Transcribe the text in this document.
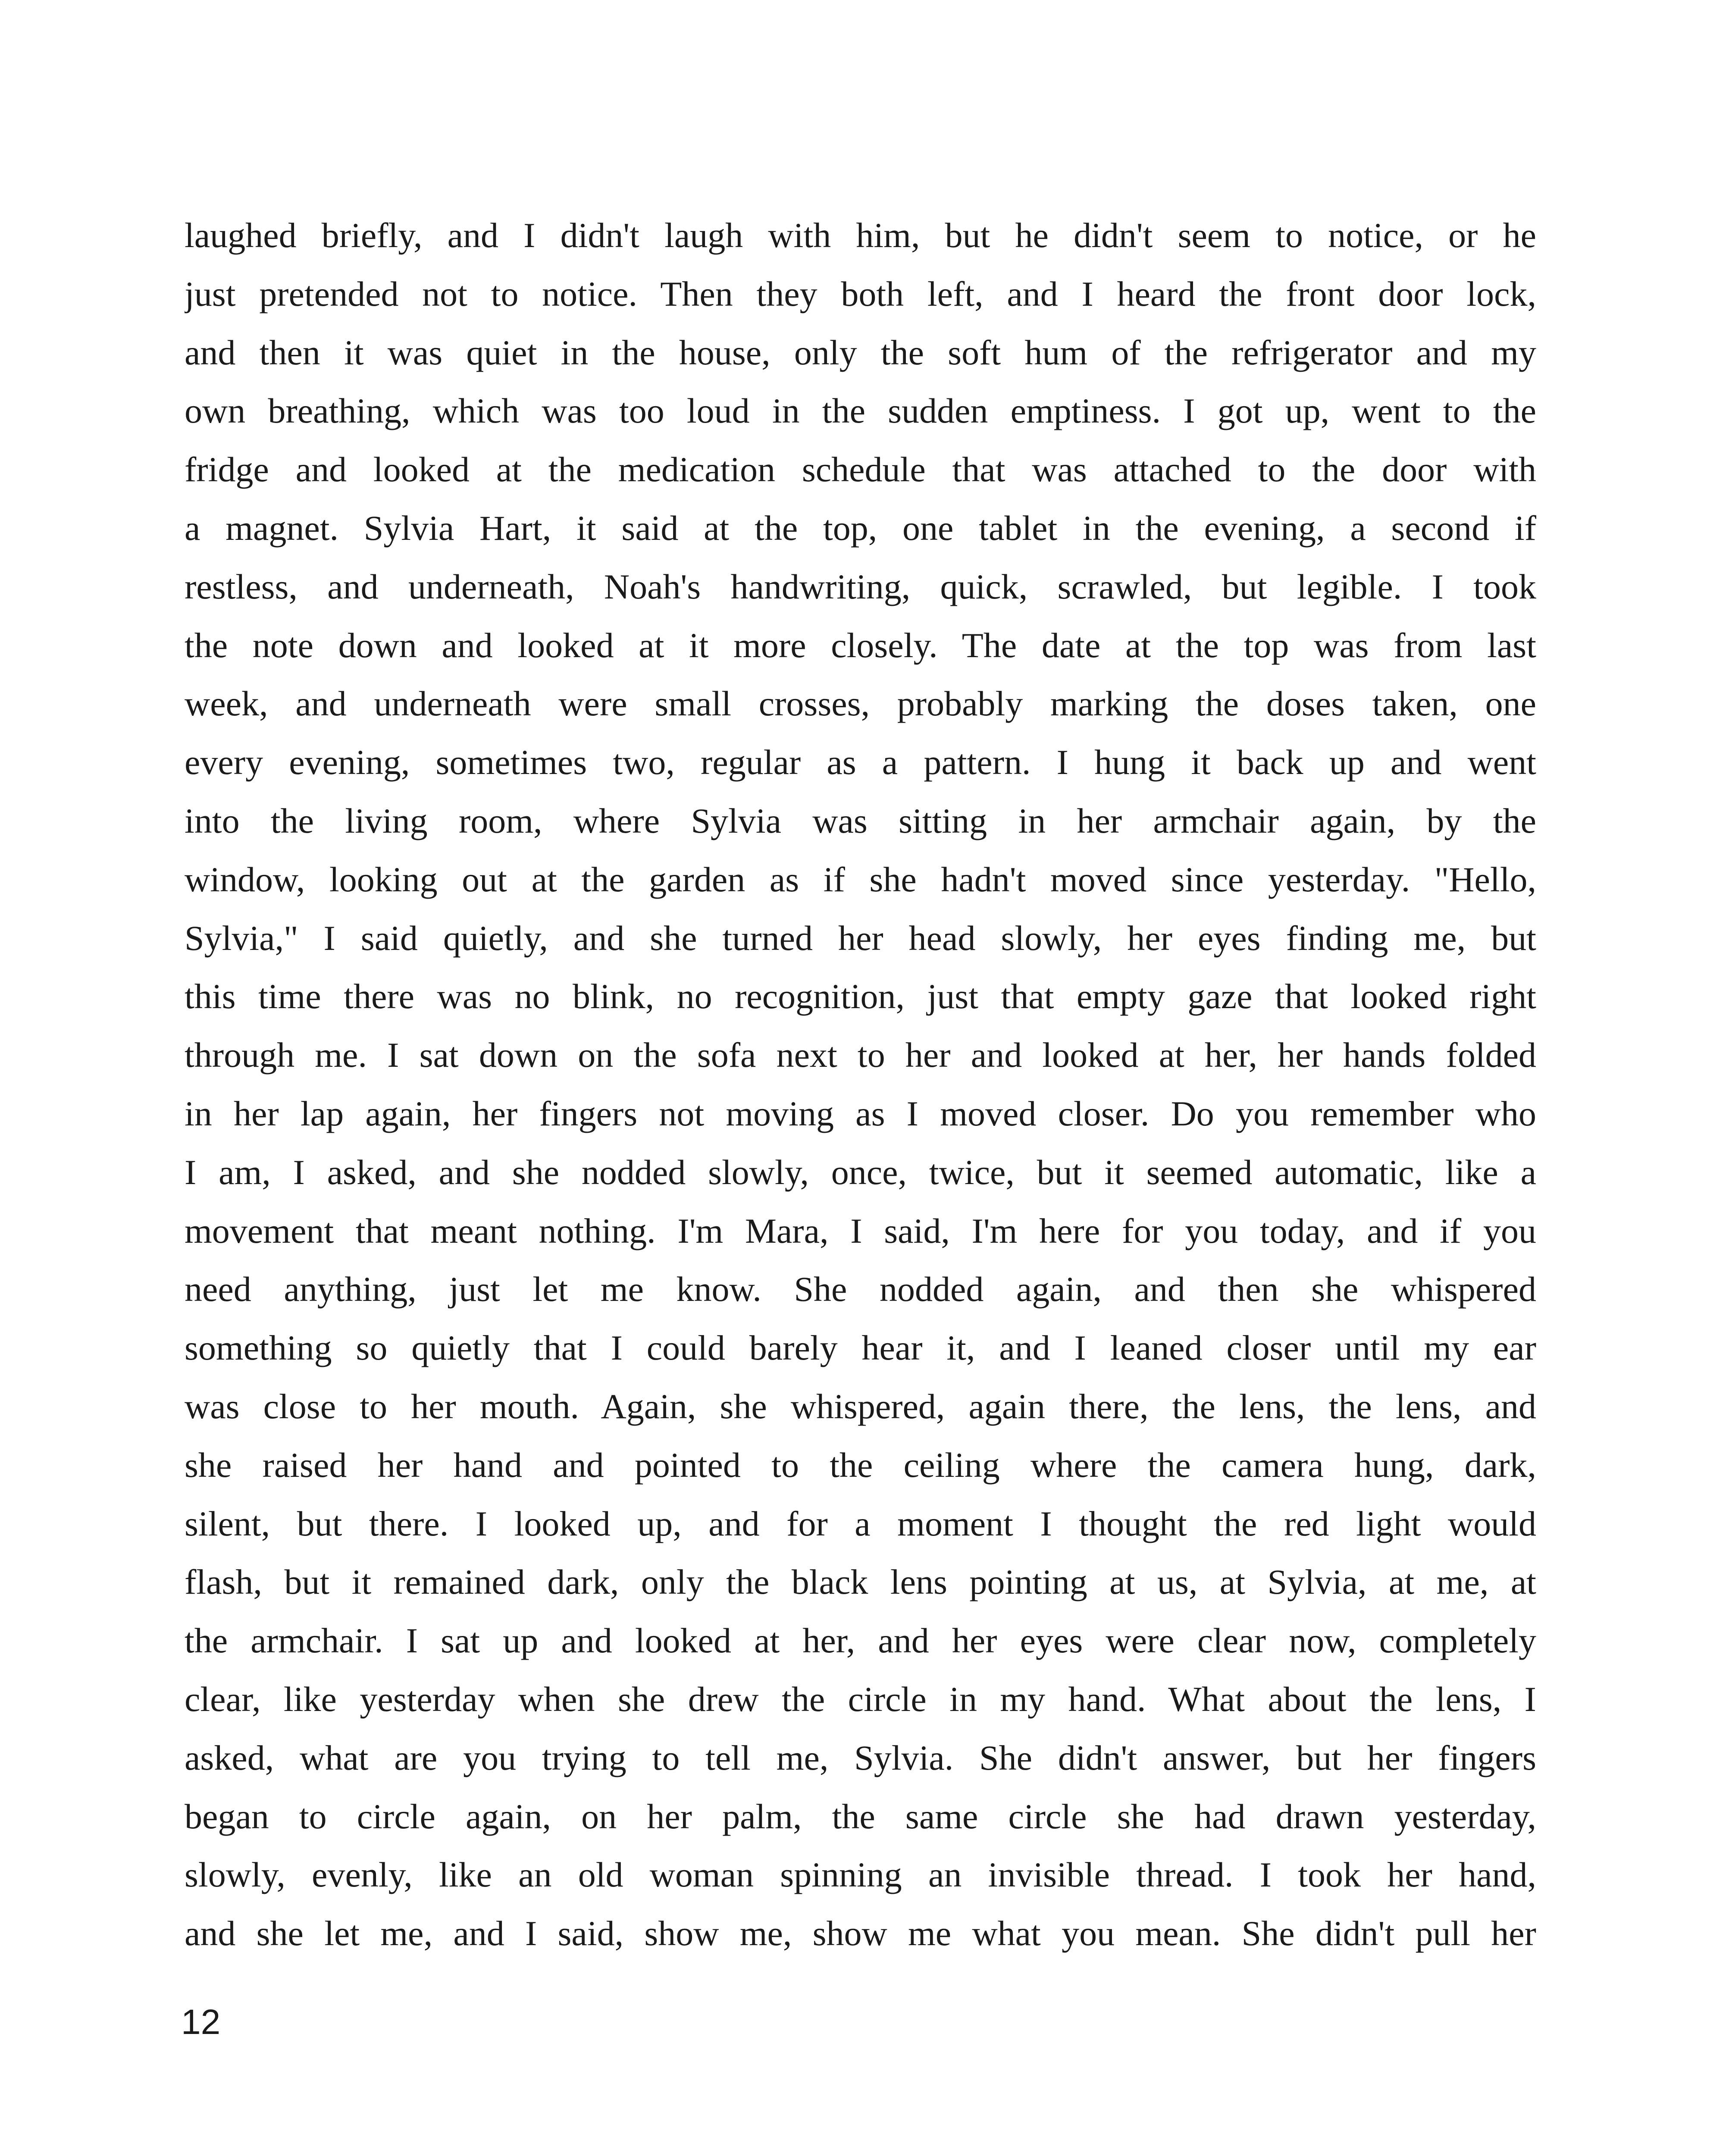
laughed briefly, and I didn't laugh with him, but he didn't seem to notice, or he
just pretended not to notice. Then they both left, and I heard the front door lock,
and then it was quiet in the house, only the soft hum of the refrigerator and my
own breathing, which was too loud in the sudden emptiness. I got up, went to the
fridge and looked at the medication schedule that was attached to the door with
a magnet. Sylvia Hart, it said at the top, one tablet in the evening, a second if
restless, and underneath, Noah's handwriting, quick, scrawled, but legible. I took
the note down and looked at it more closely. The date at the top was from last
week, and underneath were small crosses, probably marking the doses taken, one
every evening, sometimes two, regular as a pattern. I hung it back up and went
into the living room, where Sylvia was sitting in her armchair again, by the
window, looking out at the garden as if she hadn't moved since yesterday. "Hello,
Sylvia," I said quietly, and she turned her head slowly, her eyes finding me, but
this time there was no blink, no recognition, just that empty gaze that looked right
through me. I sat down on the sofa next to her and looked at her, her hands folded
in her lap again, her fingers not moving as I moved closer. Do you remember who
I am, I asked, and she nodded slowly, once, twice, but it seemed automatic, like a
movement that meant nothing. I'm Mara, I said, I'm here for you today, and if you
need anything, just let me know. She nodded again, and then she whispered
something so quietly that I could barely hear it, and I leaned closer until my ear
was close to her mouth. Again, she whispered, again there, the lens, the lens, and
she raised her hand and pointed to the ceiling where the camera hung, dark,
silent, but there. I looked up, and for a moment I thought the red light would
flash, but it remained dark, only the black lens pointing at us, at Sylvia, at me, at
the armchair. I sat up and looked at her, and her eyes were clear now, completely
clear, like yesterday when she drew the circle in my hand. What about the lens, I
asked, what are you trying to tell me, Sylvia. She didn't answer, but her fingers
began to circle again, on her palm, the same circle she had drawn yesterday,
slowly, evenly, like an old woman spinning an invisible thread. I took her hand,
and she let me, and I said, show me, show me what you mean. She didn't pull her
12
